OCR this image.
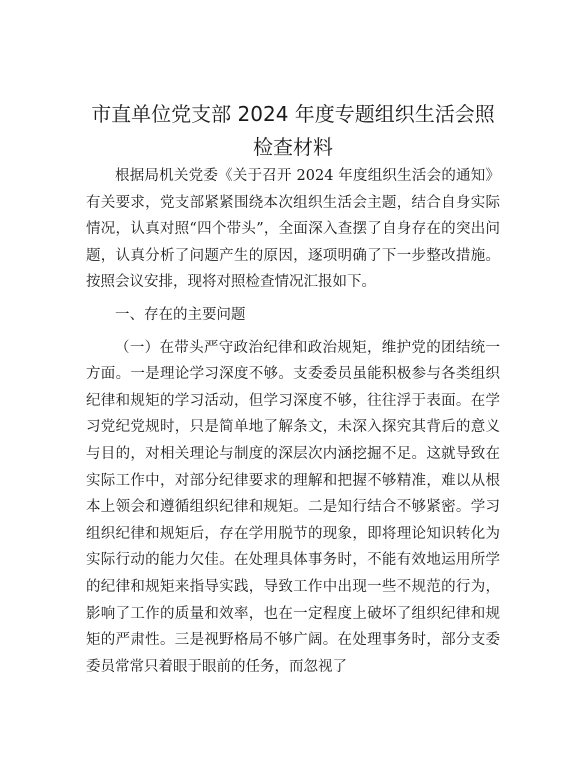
市直单位党支部 2024 年度专题组织生活会照检查材料

根据局机关党委《关于召开 2024 年度组织生活会的通知》有关要求，党支部紧紧围绕本次组织生活会主题，结合自身实际情况，认真对照“四个带头”，全面深入查摆了自身存在的突出问题，认真分析了问题产生的原因，逐项明确了下一步整改措施。按照会议安排，现将对照检查情况汇报如下。

一、存在的主要问题

（一）在带头严守政治纪律和政治规矩，维护党的团结统一方面。一是理论学习深度不够。支委委员虽能积极参与各类组织纪律和规矩的学习活动，但学习深度不够，往往浮于表面。在学习党纪党规时，只是简单地了解条文，未深入探究其背后的意义与目的，对相关理论与制度的深层次内涵挖掘不足。这就导致在实际工作中，对部分纪律要求的理解和把握不够精准，难以从根本上领会和遵循组织纪律和规矩。二是知行结合不够紧密。学习组织纪律和规矩后，存在学用脱节的现象，即将理论知识转化为实际行动的能力欠佳。在处理具体事务时，不能有效地运用所学的纪律和规矩来指导实践，导致工作中出现一些不规范的行为，影响了工作的质量和效率，也在一定程度上破坏了组织纪律和规矩的严肃性。三是视野格局不够广阔。在处理事务时，部分支委委员常常只着眼于眼前的任务，而忽视了
